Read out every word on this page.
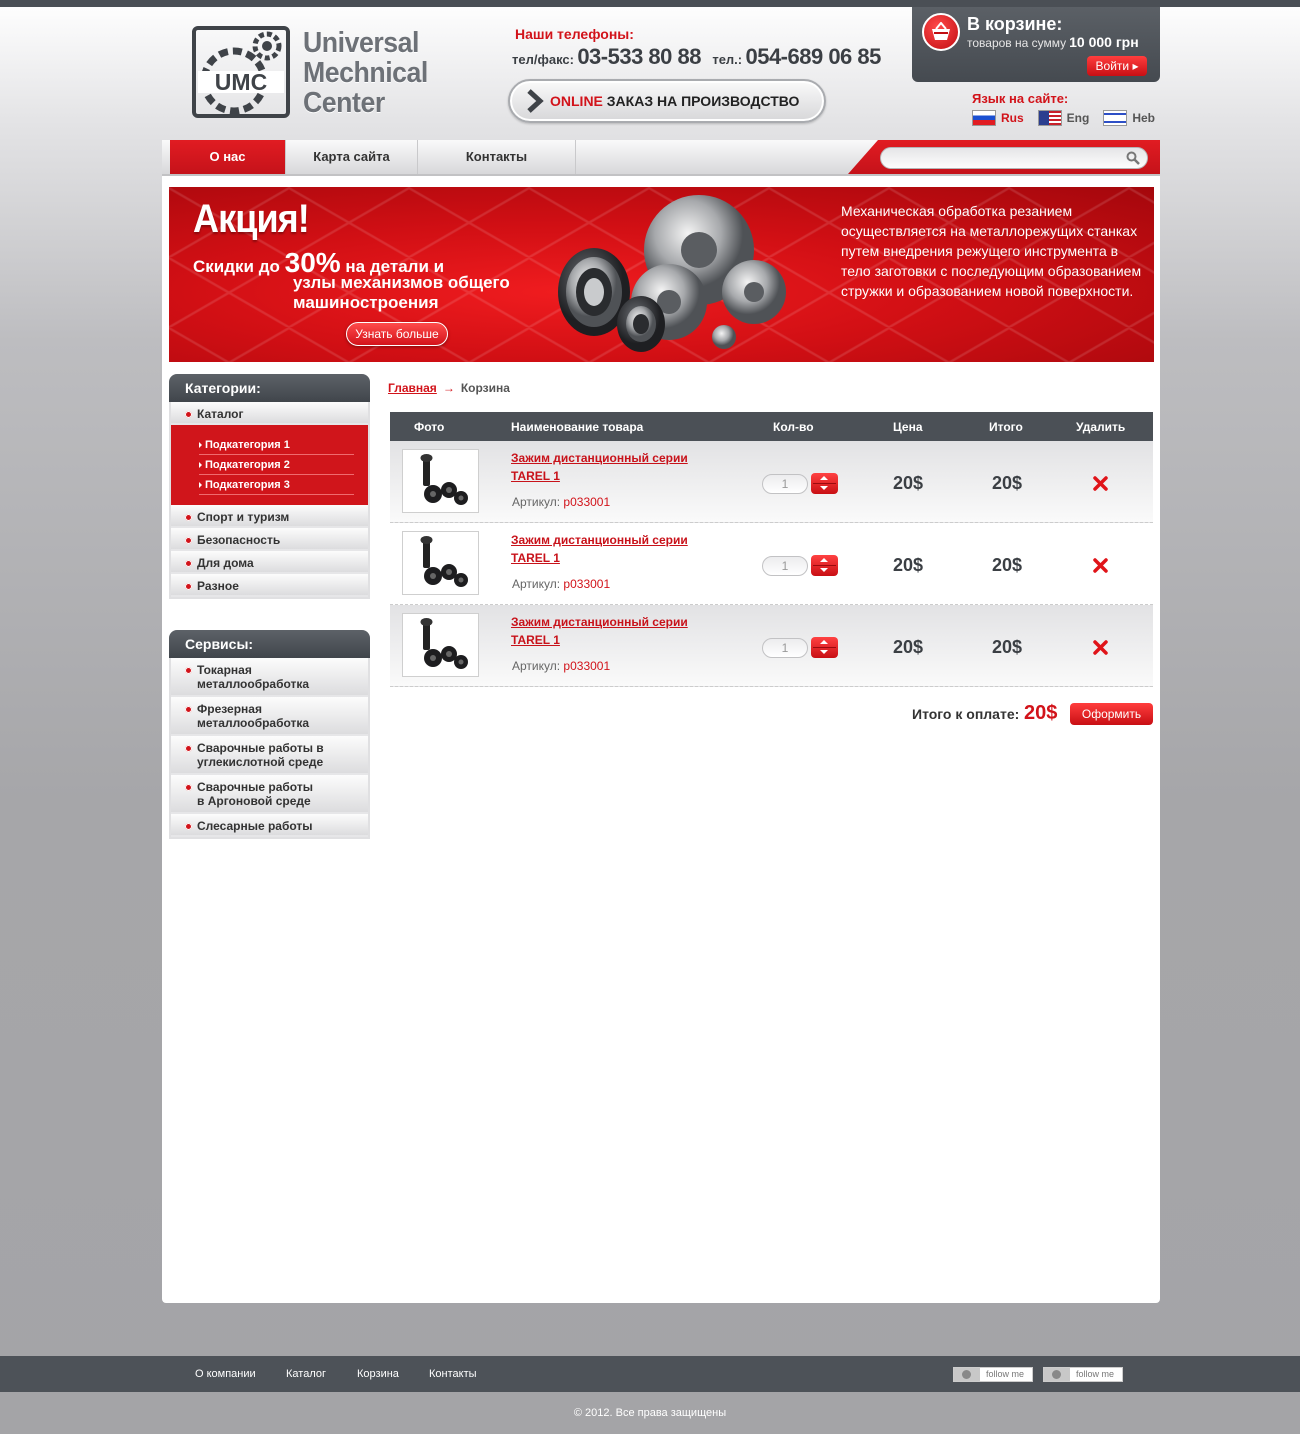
UMC
Universal
Mechnical
Center
Наши телефоны:
тел/факс: 03-533 80 88 тел.: 054-689 06 85
ONLINE ЗАКАЗ НА ПРОИЗВОДСТВО
В корзине:
товаров на сумму 10 000 грн
Войти ▸
Язык на сайте:
Rus	Eng	Heb
О нас	Карта сайта	Контакты
Акция!
Скидки до 30% на детали и
узлы механизмов общего машиностроения
Узнать больше
Механическая обработка резанием осуществляется на металлорежущих станках путем внедрения режущего инструмента в тело заготовки с последующим образованием стружки и образованием новой поверхности.
Категории:
Каталог
Подкатегория 1
Подкатегория 2
Подкатегория 3
Спорт и туризм
Безопасность
Для дома
Разное
Сервисы:
Токарная
металлообработка
Фрезерная
металлообработка
Сварочные работы в
углекислотной среде
Сварочные работы
в Аргоновой среде
Слесарные работы
Главная → Корзина
Фото	Наименование товара	Кол-во	Цена	Итого	Удалить
Зажим дистанционный серии
TAREL 1
Артикул: p033001
1	20$	20$
Зажим дистанционный серии
TAREL 1
Артикул: p033001
1	20$	20$
Зажим дистанционный серии
TAREL 1
Артикул: p033001
1	20$	20$
Итого к оплате: 20$	Оформить
О компании	Каталог	Корзина	Контакты	follow me	follow me
© 2012. Все права защищены
